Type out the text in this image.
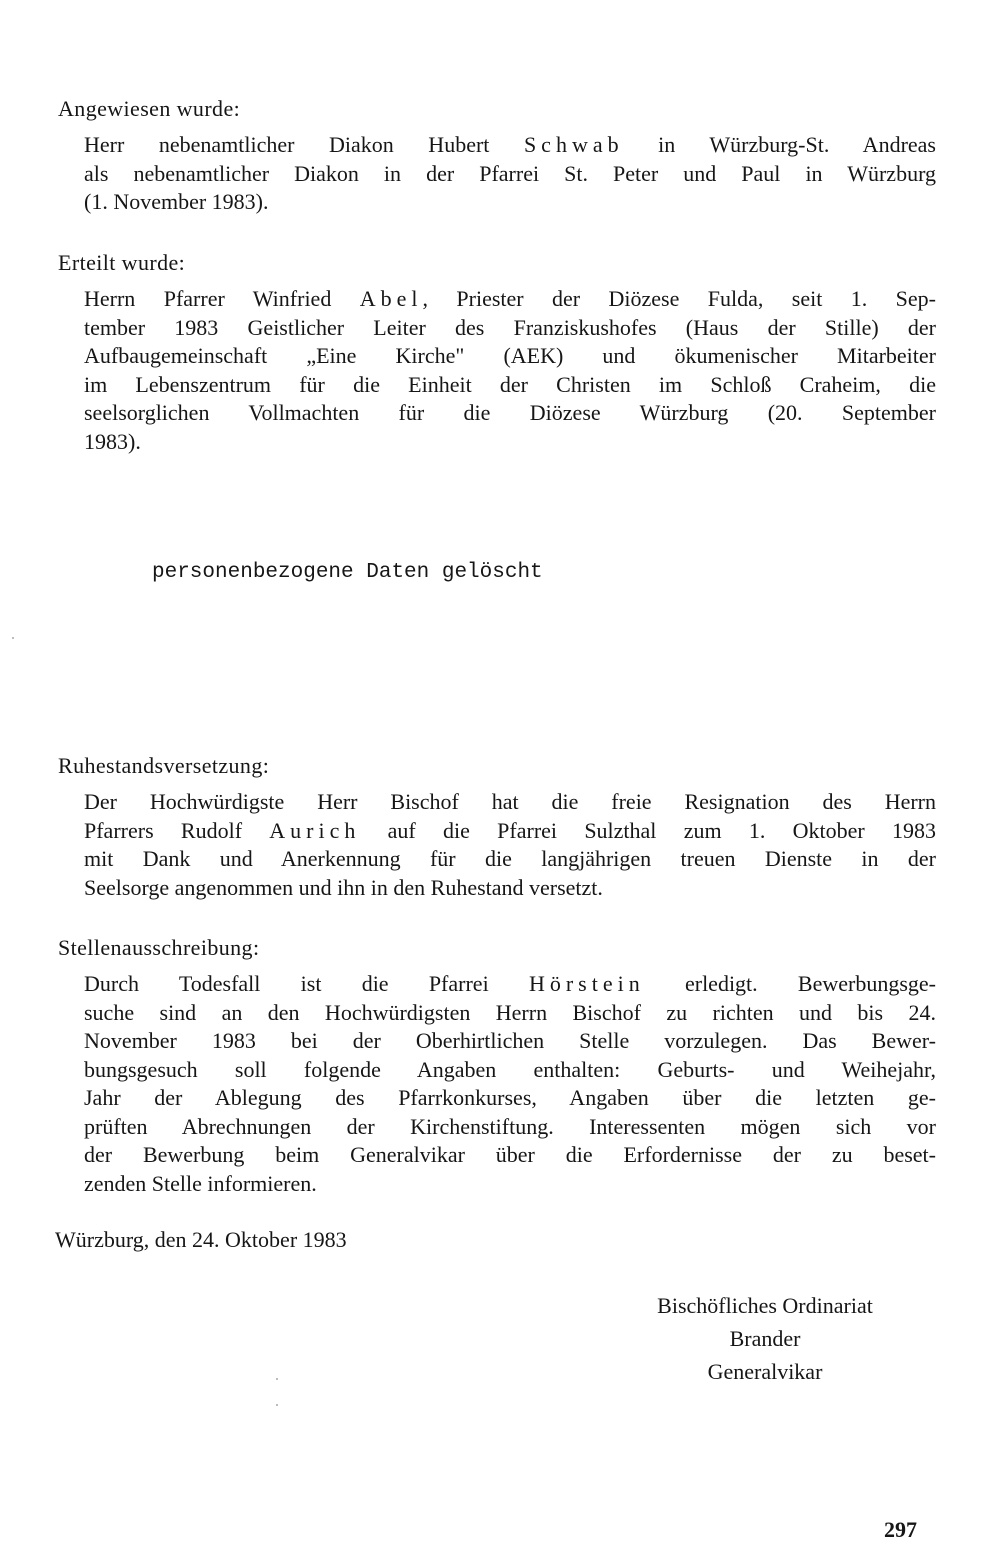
Angewiesen wurde:
Herr nebenamtlicher Diakon Hubert Schwab in Würzburg-St. Andreas
als nebenamtlicher Diakon in der Pfarrei St. Peter und Paul in Würzburg
(1. November 1983).
Erteilt wurde:
Herrn Pfarrer Winfried Abel, Priester der Diözese Fulda, seit 1. Sep-
tember 1983 Geistlicher Leiter des Franziskushofes (Haus der Stille) der
Aufbaugemeinschaft „Eine Kirche" (AEK) und ökumenischer Mitarbeiter
im Lebenszentrum für die Einheit der Christen im Schloß Craheim, die
seelsorglichen Vollmachten für die Diözese Würzburg (20. September
1983).

personenbezogene Daten gelöscht

Ruhestandsversetzung:
Der Hochwürdigste Herr Bischof hat die freie Resignation des Herrn
Pfarrers Rudolf Aurich auf die Pfarrei Sulzthal zum 1. Oktober 1983
mit Dank und Anerkennung für die langjährigen treuen Dienste in der
Seelsorge angenommen und ihn in den Ruhestand versetzt.
Stellenausschreibung:
Durch Todesfall ist die Pfarrei Hörstein erledigt. Bewerbungsge-
suche sind an den Hochwürdigsten Herrn Bischof zu richten und bis 24.
November 1983 bei der Oberhirtlichen Stelle vorzulegen. Das Bewer-
bungsgesuch soll folgende Angaben enthalten: Geburts- und Weihejahr,
Jahr der Ablegung des Pfarrkonkurses, Angaben über die letzten ge-
prüften Abrechnungen der Kirchenstiftung. Interessenten mögen sich vor
der Bewerbung beim Generalvikar über die Erfordernisse der zu beset-
zenden Stelle informieren.

Würzburg, den 24. Oktober 1983

Bischöfliches Ordinariat
Brander
Generalvikar

297
